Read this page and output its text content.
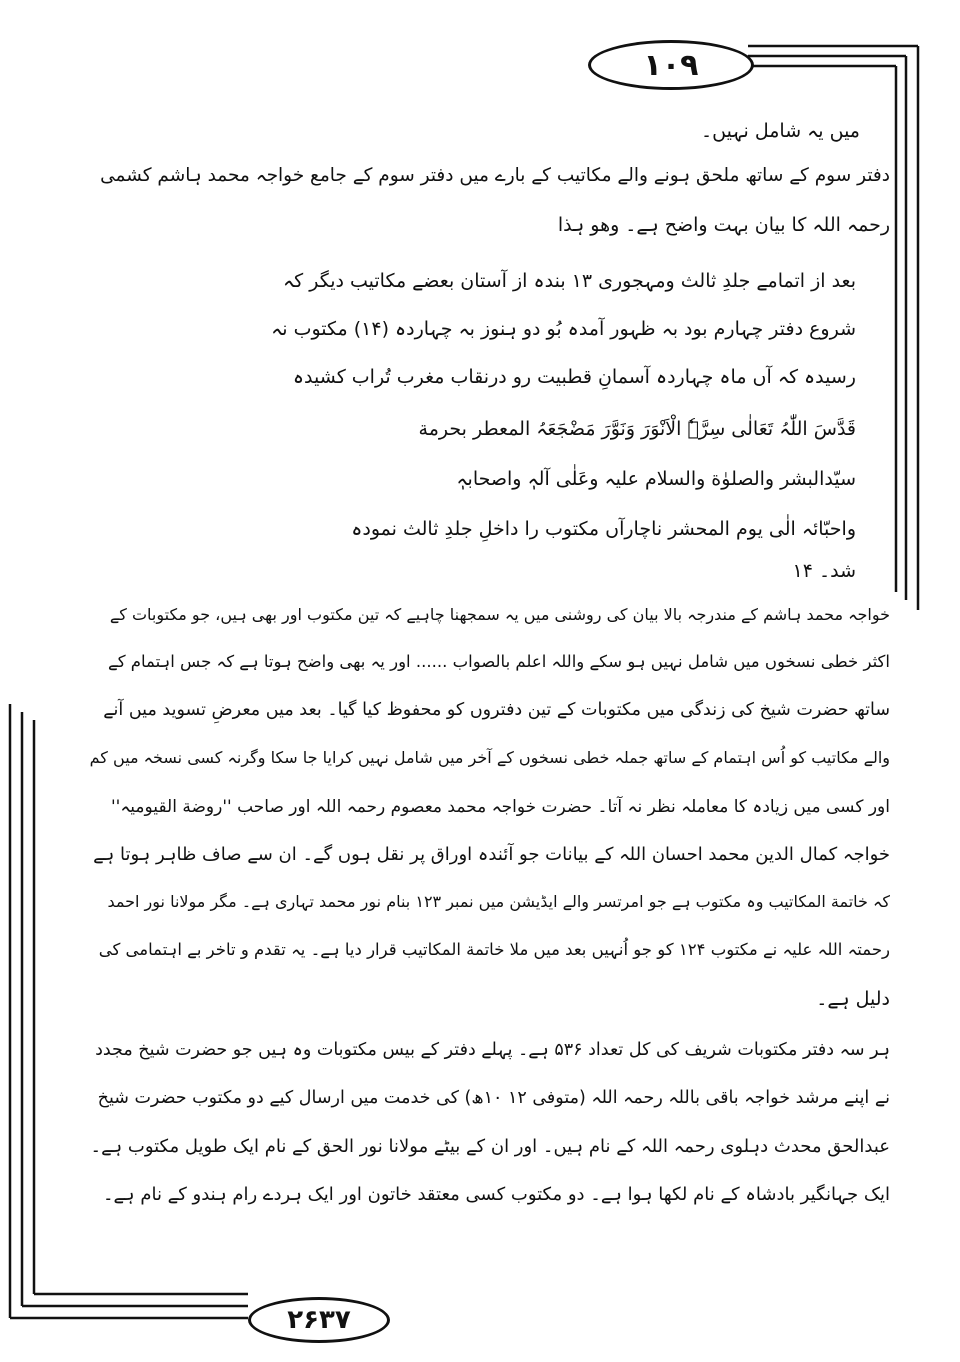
۱۰۹

میں یہ شامل نہیں۔

دفتر سوم کے ساتھ ملحق ہونے والے مکاتیب کے بارے میں دفتر سوم کے جامع خواجہ محمد ہاشم کشمی

رحمہ اللہ کا بیان بہت واضح ہے۔ وھو ہذا

بعد از اتمامے جلدِ ثالث ومہجوری ۱۳ بندہ از آستان بعضے مکاتیب دیگر کہ

شروع دفتر چہارم بود بہ ظہور آمدہ بُو دو ہنوز بہ چہاردہ (۱۴) مکتوب نہ

رسیدہ کہ آں ماہ چہاردہ آسمانِ قطبیت رو درنقاب مغرب تُراب کشیدہ

قَدَّسَ اللّٰہُ تَعَالٰی سِرَّہٗ الْاَنْوَرَ وَنَوَّرَ مَضْجَعَہُ المعطر بحرمة

سیّدالبشر والصلوٰة والسلام علیہ وعَلٰی آلہٖ واصحابہٖ

واحبّائہ الٰی یوم المحشر ناچارآں مکتوب را داخلِ جلدِ ثالث نمودہ

شد۔ ۱۴

خواجہ محمد ہاشم کے مندرجہ بالا بیان کی روشنی میں یہ سمجھنا چاہیے کہ تین مکتوب اور بھی ہیں، جو مکتوبات کے

اکثر خطی نسخوں میں شامل نہیں ہو سکے واللہ اعلم بالصواب ...... اور یہ بھی واضح ہوتا ہے کہ جس اہتمام کے

ساتھ حضرت شیخ کی زندگی میں مکتوبات کے تین دفتروں کو محفوظ کیا گیا۔ بعد میں معرضِ تسوید میں آنے

والے مکاتیب کو اُس اہتمام کے ساتھ جملہ خطی نسخوں کے آخر میں شامل نہیں کرایا جا سکا وگرنہ کسی نسخہ میں کم

اور کسی میں زیادہ کا معاملہ نظر نہ آتا۔ حضرت خواجہ محمد معصوم رحمہ اللہ اور صاحب ''روضة القیومیہ''

خواجہ کمال الدین محمد احسان اللہ کے بیانات جو آئندہ اوراق پر نقل ہوں گے۔ ان سے صاف ظاہر ہوتا ہے

کہ خاتمة المکاتیب وہ مکتوب ہے جو امرتسر والے ایڈیشن میں نمبر ۱۲۳ بنام نور محمد تہاری ہے۔ مگر مولانا نور احمد

رحمتہ اللہ علیہ نے مکتوب ۱۲۴ کو جو اُنہیں بعد میں ملا خاتمة المکاتیب قرار دیا ہے۔ یہ تقدم و تاخر بے اہتمامی کی

دلیل ہے۔

ہر سہ دفتر مکتوبات شریف کی کل تعداد ۵۳۶ ہے۔ پہلے دفتر کے بیس مکتوبات وہ ہیں جو حضرت شیخ مجدد

نے اپنے مرشد خواجہ باقی باللہ رحمہ اللہ (متوفی ۱۲ ۱۰ھ) کی خدمت میں ارسال کیے دو مکتوب حضرت شیخ

عبدالحق محدث دہلوی رحمہ اللہ کے نام ہیں۔ اور ان کے بیٹے مولانا نور الحق کے نام ایک طویل مکتوب ہے۔

ایک جہانگیر بادشاہ کے نام لکھا ہوا ہے۔ دو مکتوب کسی معتقد خاتون اور ایک ہردے رام ہندو کے نام ہے۔

۲۶۳۷
